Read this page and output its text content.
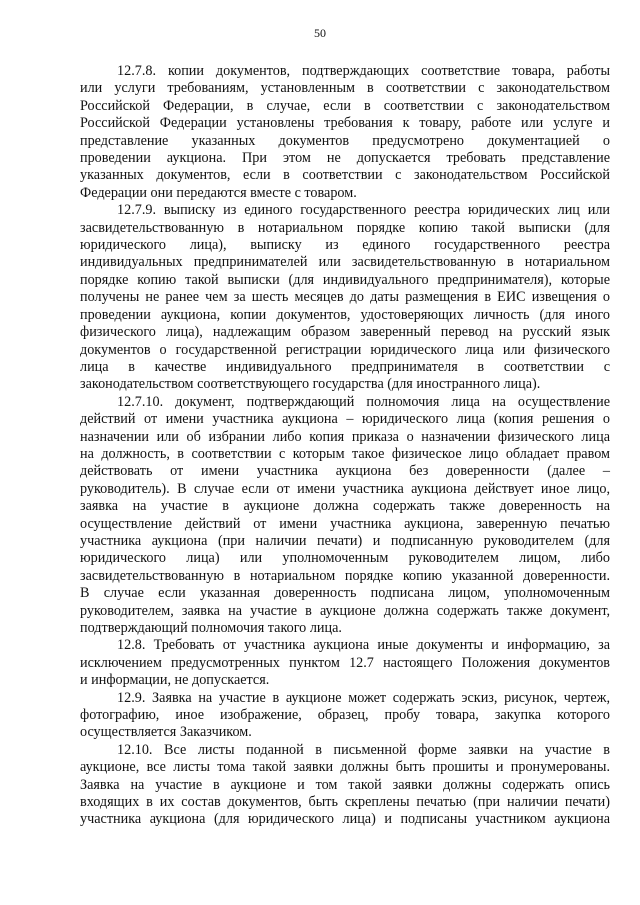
50
12.7.8. копии документов, подтверждающих соответствие товара, работы
или услуги требованиям, установленным в соответствии с законодательством
Российской Федерации, в случае, если в соответствии с законодательством
Российской Федерации установлены требования к товару, работе или услуге и
представление указанных документов предусмотрено документацией о
проведении аукциона. При этом не допускается требовать представление
указанных документов, если в соответствии с законодательством Российской
Федерации они передаются вместе с товаром.
12.7.9. выписку из единого государственного реестра юридических лиц или
засвидетельствованную в нотариальном порядке копию такой выписки (для
юридического лица), выписку из единого государственного реестра
индивидуальных предпринимателей или засвидетельствованную в нотариальном
порядке копию такой выписки (для индивидуального предпринимателя), которые
получены не ранее чем за шесть месяцев до даты размещения в ЕИС извещения о
проведении аукциона, копии документов, удостоверяющих личность (для иного
физического лица), надлежащим образом заверенный перевод на русский язык
документов о государственной регистрации юридического лица или физического
лица в качестве индивидуального предпринимателя в соответствии с
законодательством соответствующего государства (для иностранного лица).
12.7.10. документ, подтверждающий полномочия лица на осуществление
действий от имени участника аукциона – юридического лица (копия решения о
назначении или об избрании либо копия приказа о назначении физического лица
на должность, в соответствии с которым такое физическое лицо обладает правом
действовать от имени участника аукциона без доверенности (далее –
руководитель). В случае если от имени участника аукциона действует иное лицо,
заявка на участие в аукционе должна содержать также доверенность на
осуществление действий от имени участника аукциона, заверенную печатью
участника аукциона (при наличии печати) и подписанную руководителем (для
юридического лица) или уполномоченным руководителем лицом, либо
засвидетельствованную в нотариальном порядке копию указанной доверенности.
В случае если указанная доверенность подписана лицом, уполномоченным
руководителем, заявка на участие в аукционе должна содержать также документ,
подтверждающий полномочия такого лица.
12.8. Требовать от участника аукциона иные документы и информацию, за
исключением предусмотренных пунктом 12.7 настоящего Положения документов
и информации, не допускается.
12.9. Заявка на участие в аукционе может содержать эскиз, рисунок, чертеж,
фотографию, иное изображение, образец, пробу товара, закупка которого
осуществляется Заказчиком.
12.10. Все листы поданной в письменной форме заявки на участие в
аукционе, все листы тома такой заявки должны быть прошиты и пронумерованы.
Заявка на участие в аукционе и том такой заявки должны содержать опись
входящих в их состав документов, быть скреплены печатью (при наличии печати)
участника аукциона (для юридического лица) и подписаны участником аукциона
